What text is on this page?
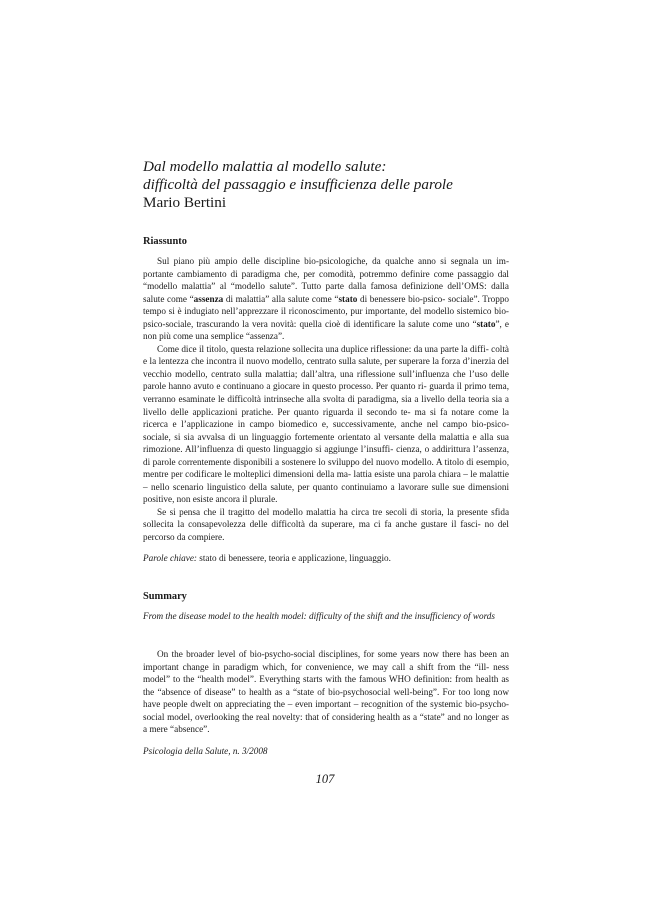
Dal modello malattia al modello salute:
difficoltà del passaggio e insufficienza delle parole

Mario Bertini

Riassunto

Sul piano più ampio delle discipline bio-psicologiche, da qualche anno si segnala un im- portante cambiamento di paradigma che, per comodità, potremmo definire come passaggio dal “modello malattia” al “modello salute”. Tutto parte dalla famosa definizione dell’OMS: dalla salute come “assenza di malattia” alla salute come “stato di benessere bio-psico- sociale”. Troppo tempo si è indugiato nell’apprezzare il riconoscimento, pur importante, del modello sistemico bio-psico-sociale, trascurando la vera novità: quella cioè di identificare la salute come uno “stato”, e non più come una semplice “assenza”.

Come dice il titolo, questa relazione sollecita una duplice riflessione: da una parte la diffi- coltà e la lentezza che incontra il nuovo modello, centrato sulla salute, per superare la forza d’inerzia del vecchio modello, centrato sulla malattia; dall’altra, una riflessione sull’influenza che l’uso delle parole hanno avuto e continuano a giocare in questo processo. Per quanto ri- guarda il primo tema, verranno esaminate le difficoltà intrinseche alla svolta di paradigma, sia a livello della teoria sia a livello delle applicazioni pratiche. Per quanto riguarda il secondo te- ma si fa notare come la ricerca e l’applicazione in campo biomedico e, successivamente, anche nel campo bio-psico-sociale, si sia avvalsa di un linguaggio fortemente orientato al versante della malattia e alla sua rimozione. All’influenza di questo linguaggio si aggiunge l’insuffi- cienza, o addirittura l’assenza, di parole correntemente disponibili a sostenere lo sviluppo del nuovo modello. A titolo di esempio, mentre per codificare le molteplici dimensioni della ma- lattia esiste una parola chiara – le malattie – nello scenario linguistico della salute, per quanto continuiamo a lavorare sulle sue dimensioni positive, non esiste ancora il plurale.

Se si pensa che il tragitto del modello malattia ha circa tre secoli di storia, la presente sfida sollecita la consapevolezza delle difficoltà da superare, ma ci fa anche gustare il fasci- no del percorso da compiere.

Parole chiave: stato di benessere, teoria e applicazione, linguaggio.

Summary

From the disease model to the health model: difficulty of the shift and the insufficiency of words

On the broader level of bio-psycho-social disciplines, for some years now there has been an important change in paradigm which, for convenience, we may call a shift from the “ill- ness model” to the “health model”. Everything starts with the famous WHO definition: from health as the “absence of disease” to health as a “state of bio-psychosocial well-being”. For too long now have people dwelt on appreciating the – even important – recognition of the systemic bio-psycho-social model, overlooking the real novelty: that of considering health as a “state” and no longer as a mere “absence”.

Psicologia della Salute, n. 3/2008

107
